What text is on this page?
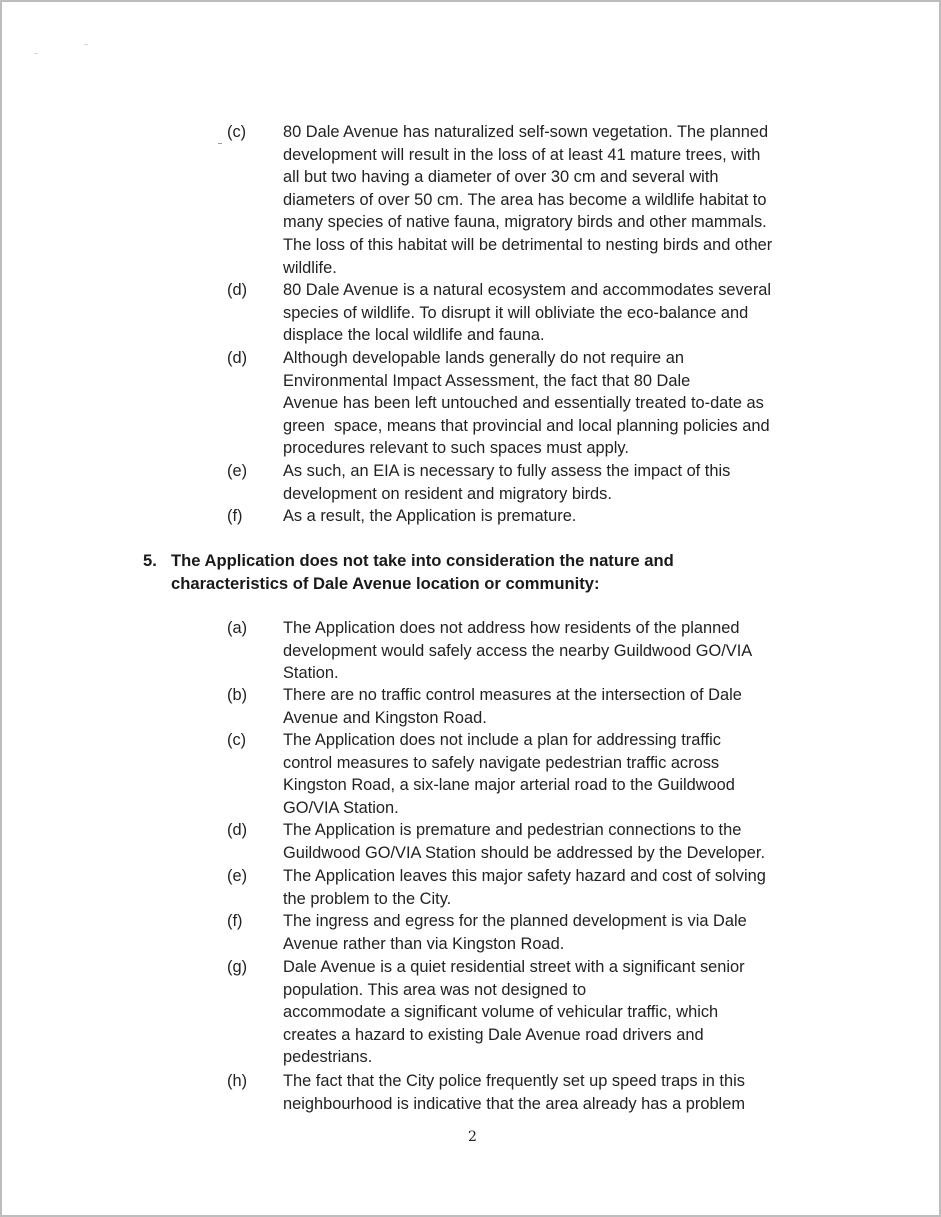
(c)	80 Dale Avenue has naturalized self-sown vegetation. The planned
development will result in the loss of at least 41 mature trees, with
all but two having a diameter of over 30 cm and several with
diameters of over 50 cm. The area has become a wildlife habitat to
many species of native fauna, migratory birds and other mammals.
The loss of this habitat will be detrimental to nesting birds and other
wildlife.
(d)	80 Dale Avenue is a natural ecosystem and accommodates several
species of wildlife. To disrupt it will obliviate the eco-balance and
displace the local wildlife and fauna.
(d)	Although developable lands generally do not require an
Environmental Impact Assessment, the fact that 80 Dale
Avenue has been left untouched and essentially treated to-date as
green  space, means that provincial and local planning policies and
procedures relevant to such spaces must apply.
(e)	As such, an EIA is necessary to fully assess the impact of this
development on resident and migratory birds.
(f)	As a result, the Application is premature.
5. The Application does not take into consideration the nature and
characteristics of Dale Avenue location or community:
(a)	The Application does not address how residents of the planned
development would safely access the nearby Guildwood GO/VIA
Station.
(b)	There are no traffic control measures at the intersection of Dale
Avenue and Kingston Road.
(c)	The Application does not include a plan for addressing traffic
control measures to safely navigate pedestrian traffic across
Kingston Road, a six-lane major arterial road to the Guildwood
GO/VIA Station.
(d)	The Application is premature and pedestrian connections to the
Guildwood GO/VIA Station should be addressed by the Developer.
(e)	The Application leaves this major safety hazard and cost of solving
the problem to the City.
(f)	The ingress and egress for the planned development is via Dale
Avenue rather than via Kingston Road.
(g)	Dale Avenue is a quiet residential street with a significant senior
population. This area was not designed to
accommodate a significant volume of vehicular traffic, which
creates a hazard to existing Dale Avenue road drivers and
pedestrians.
(h)	The fact that the City police frequently set up speed traps in this
neighbourhood is indicative that the area already has a problem
2
